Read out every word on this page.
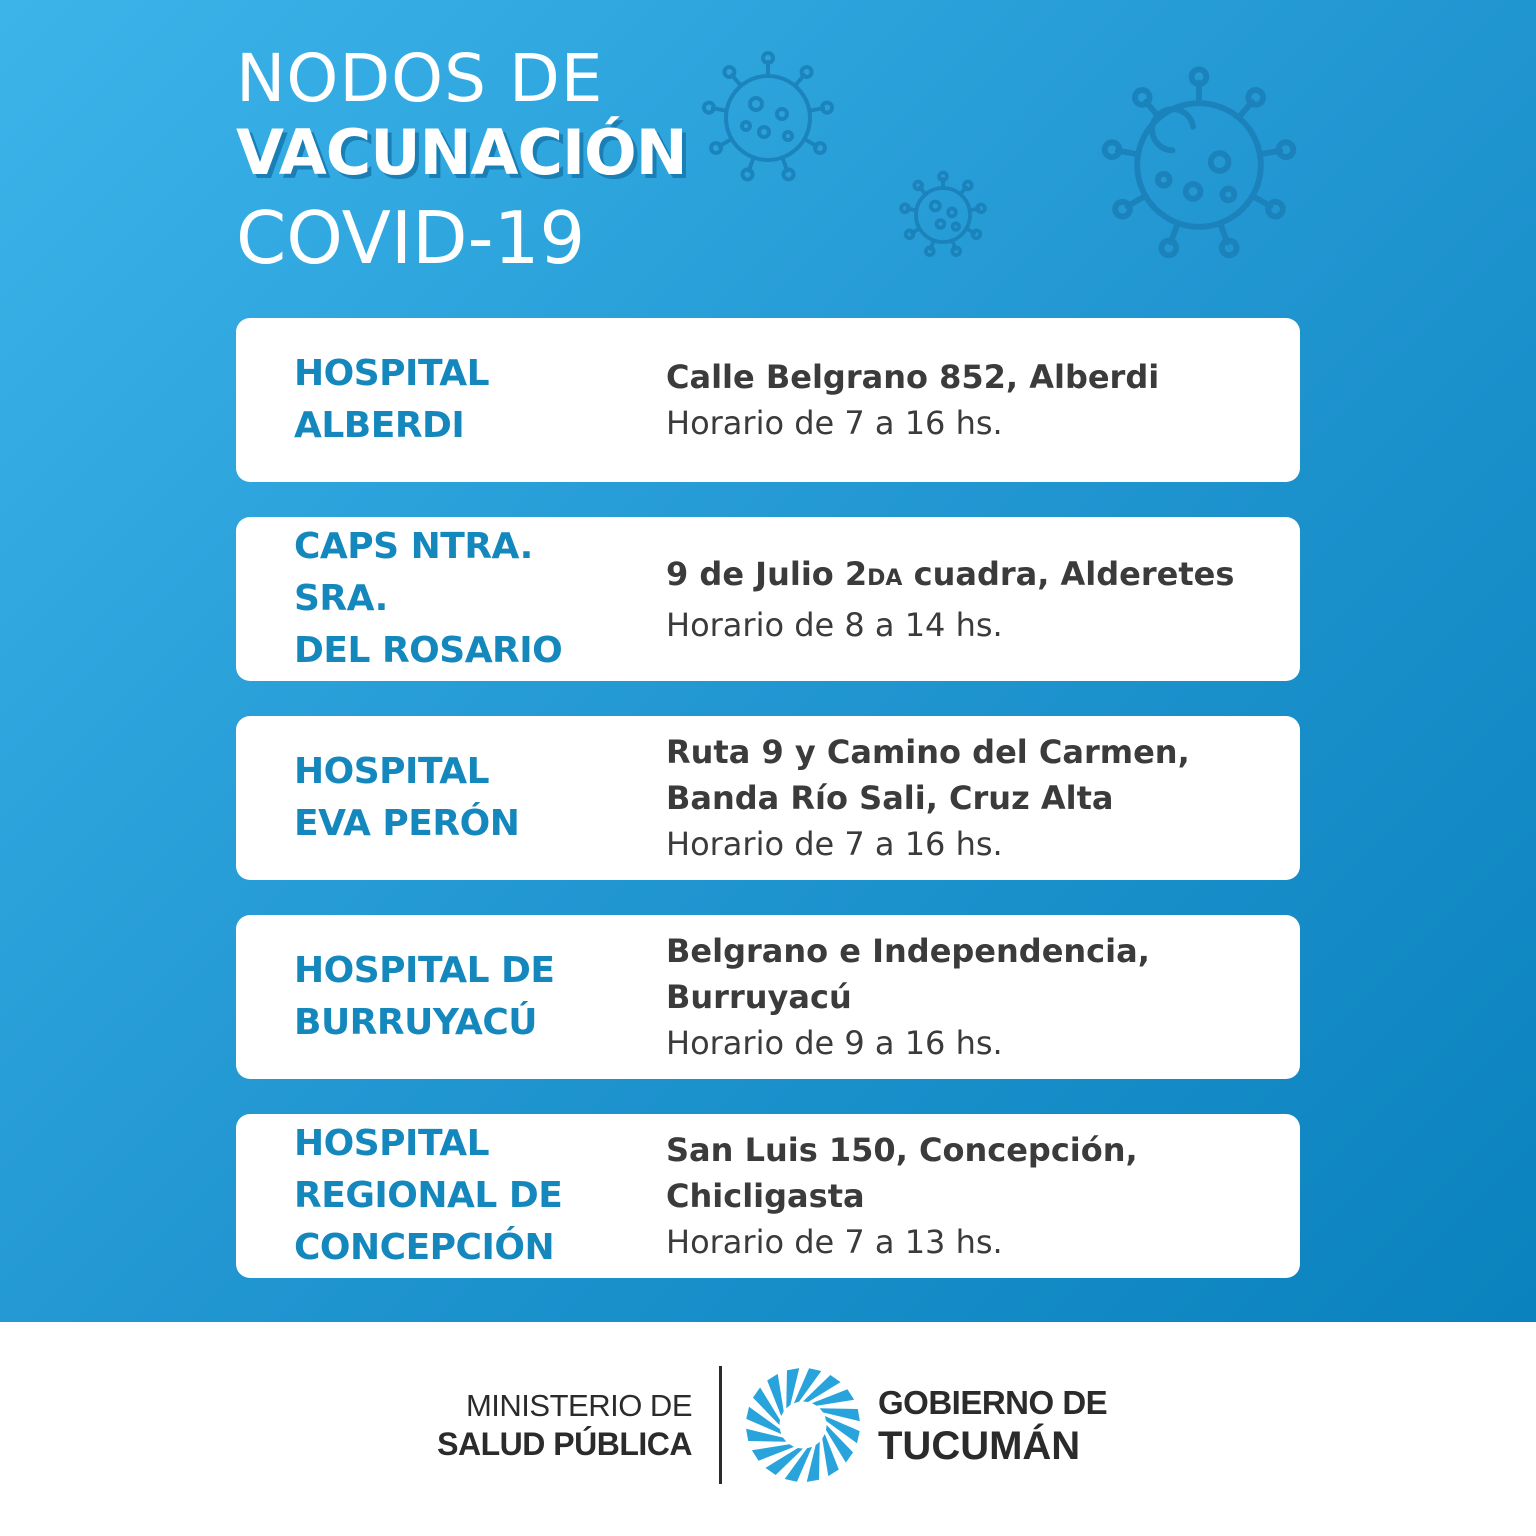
NODOS DE
VACUNACIÓN
COVID-19
HOSPITAL
ALBERDI
Calle Belgrano 852, Alberdi
Horario de 7 a 16 hs.
CAPS NTRA. SRA.
DEL ROSARIO
9 de Julio 2DA cuadra, Alderetes
Horario de 8 a 14 hs.
HOSPITAL
EVA PERÓN
Ruta 9 y Camino del Carmen,
Banda Río Sali, Cruz Alta
Horario de 7 a 16 hs.
HOSPITAL DE
BURRUYACÚ
Belgrano e Independencia,
Burruyacú
Horario de 9 a 16 hs.
HOSPITAL
REGIONAL DE
CONCEPCIÓN
San Luis 150, Concepción,
Chicligasta
Horario de 7 a 13 hs.
MINISTERIO DE
SALUD PÚBLICA
GOBIERNO DE
TUCUMÁN
